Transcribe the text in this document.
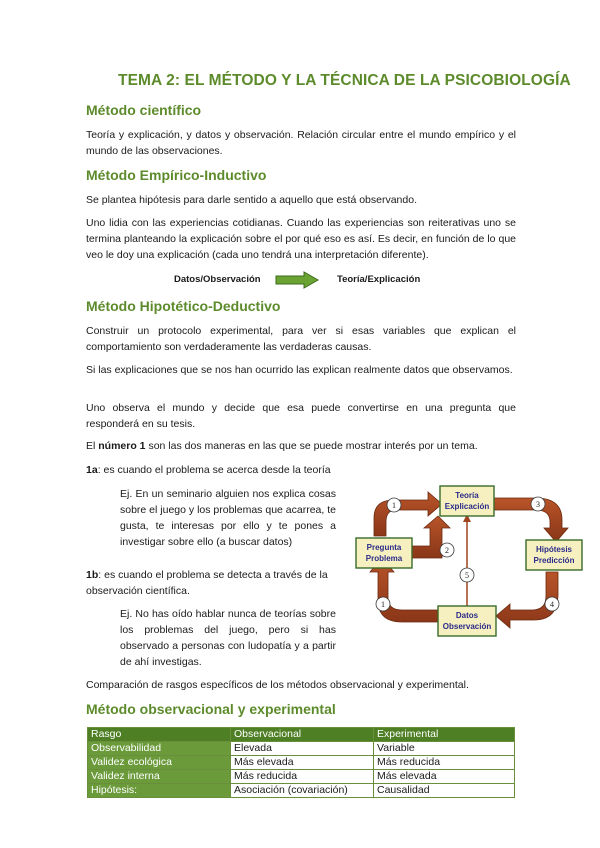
TEMA 2: EL MÉTODO Y LA TÉCNICA DE LA PSICOBIOLOGÍA
Método científico
Teoría y explicación, y datos y observación. Relación circular entre el mundo empírico y el mundo de las observaciones.
Método Empírico-Inductivo
Se plantea hipótesis para darle sentido a aquello que está observando.
Uno lidia con las experiencias cotidianas. Cuando las experiencias son reiterativas uno se termina planteando la explicación sobre el por qué eso es así. Es decir, en función de lo que veo le doy una explicación (cada uno tendrá una interpretación diferente).
Datos/Observación	Teoría/Explicación
Método Hipotético-Deductivo
Construir un protocolo experimental, para ver si esas variables que explican el comportamiento son verdaderamente las verdaderas causas.
Si las explicaciones que se nos han ocurrido las explican realmente datos que observamos.
Uno observa el mundo y decide que esa puede convertirse en una pregunta que responderá en su tesis.
El número 1 son las dos maneras en las que se puede mostrar interés por un tema.
1a: es cuando el problema se acerca desde la teoría
Ej. En un seminario alguien nos explica cosas sobre el juego y los problemas que acarrea, te gusta, te interesas por ello y te pones a investigar sobre ello (a buscar datos)
1b: es cuando el problema se detecta a través de la observación científica.
Ej. No has oído hablar nunca de teorías sobre los problemas del juego, pero si has observado a personas con ludopatía y a partir de ahí investigas.
Teoría
Explicación
Pregunta
Problema
Hipótesis
Predicción
Datos
Observación
1
2
3
4
5
1
Comparación de rasgos específicos de los métodos observacional y experimental.
Método observacional y experimental
Rasgo	Observacional	Experimental
Observabilidad	Elevada	Variable
Validez ecológica	Más elevada	Más reducida
Validez interna	Más reducida	Más elevada
Hipótesis:	Asociación (covariación)	Causalidad
